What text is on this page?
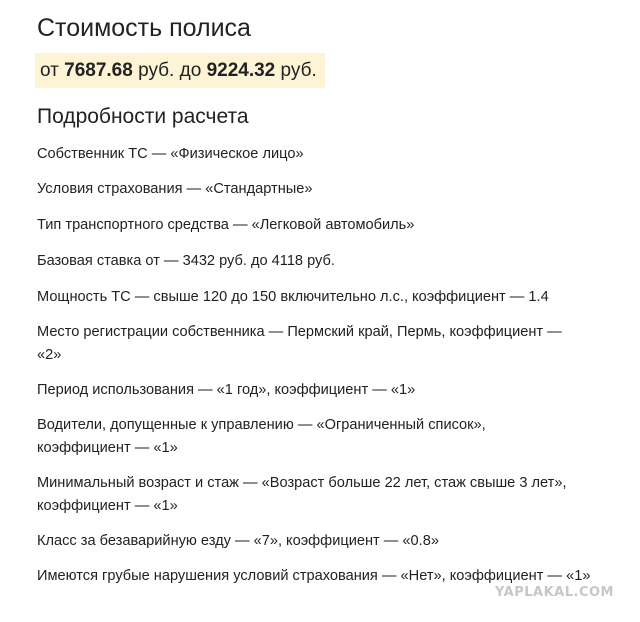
Стоимость полиса
от 7687.68 руб. до 9224.32 руб.
Подробности расчета
Собственник ТС — «Физическое лицо»
Условия страхования — «Стандартные»
Тип транспортного средства — «Легковой автомобиль»
Базовая ставка от — 3432 руб. до 4118 руб.
Мощность ТС — свыше 120 до 150 включительно л.с., коэффициент — 1.4
Место регистрации собственника — Пермский край, Пермь, коэффициент — «2»
Период использования — «1 год», коэффициент — «1»
Водители, допущенные к управлению — «Ограниченный список», коэффициент — «1»
Минимальный возраст и стаж — «Возраст больше 22 лет, стаж свыше 3 лет», коэффициент — «1»
Класс за безаварийную езду — «7», коэффициент — «0.8»
Имеются грубые нарушения условий страхования — «Нет», коэффициент — «1»
YAPLAKAL.COM
